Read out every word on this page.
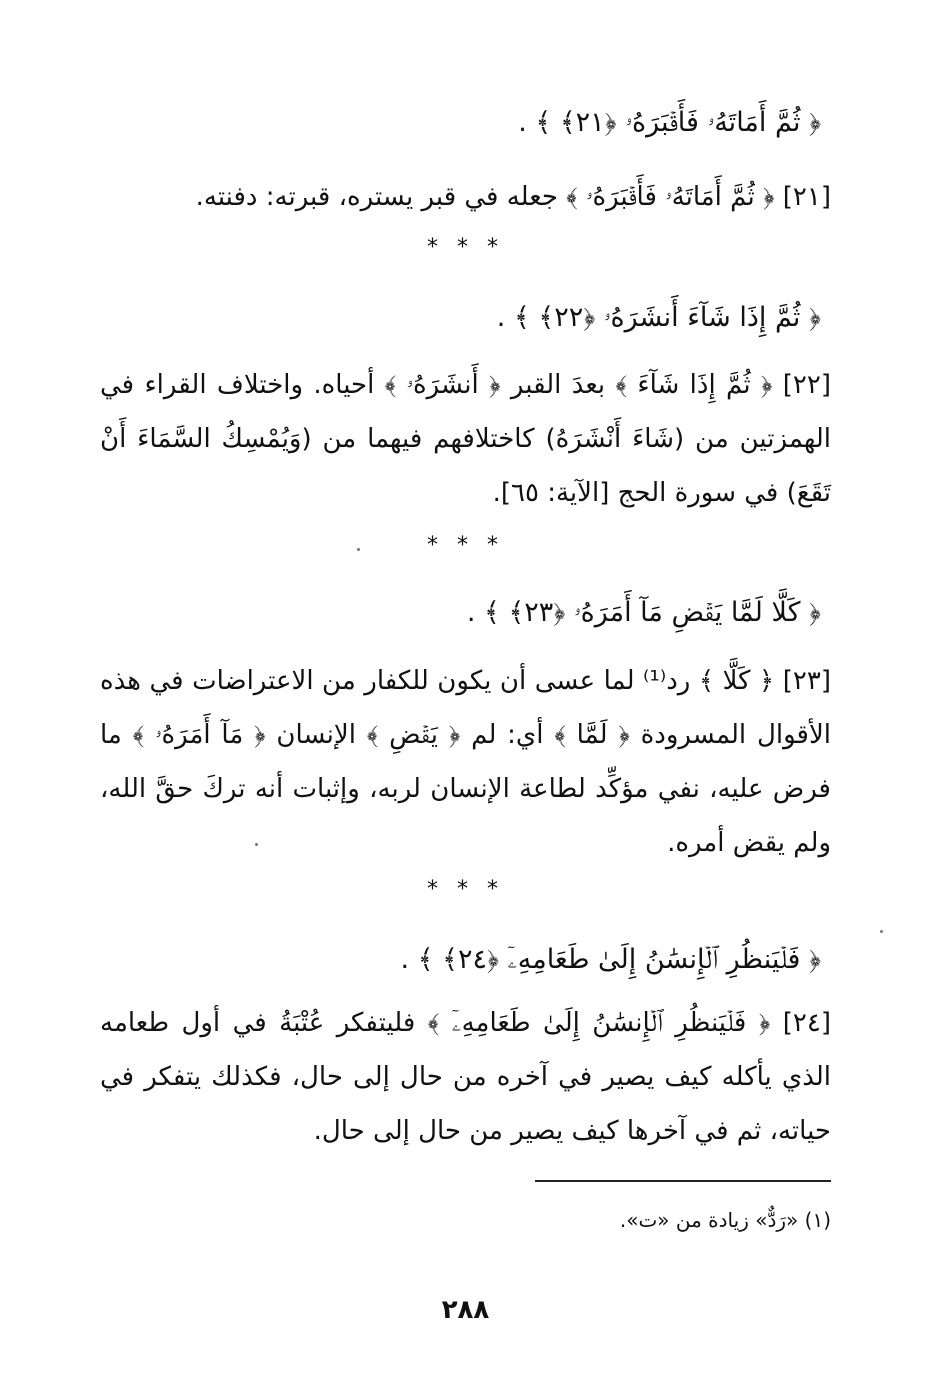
﴿ ثُمَّ أَمَاتَهُۥ فَأَقۡبَرَهُۥ ﴿٢١﴾ ﴾ .
[٢١] ﴿ ثُمَّ أَمَاتَهُۥ فَأَقۡبَرَهُۥ ﴾ جعله في قبر يستره، قبرته: دفنته.
* * *
﴿ ثُمَّ إِذَا شَآءَ أَنشَرَهُۥ ﴿٢٢﴾ ﴾ .
[٢٢] ﴿ ثُمَّ إِذَا شَآءَ ﴾ بعدَ القبر ﴿ أَنشَرَهُۥ ﴾ أحياه. واختلاف القراء في الهمزتين من (شَاءَ أَنْشَرَهُ) كاختلافهم فيهما من (وَيُمْسِكُ السَّمَاءَ أَنْ تَقَعَ) في سورة الحج [الآية: ٦٥].
* * *
﴿ كَلَّا لَمَّا يَقۡضِ مَآ أَمَرَهُۥ ﴿٢٣﴾ ﴾ .
[٢٣] ﴿ كَلَّا ﴾ رد⁽¹⁾ لما عسى أن يكون للكفار من الاعتراضات في هذه الأقوال المسرودة ﴿ لَمَّا ﴾ أي: لم ﴿ يَقۡضِ ﴾ الإنسان ﴿ مَآ أَمَرَهُۥ ﴾ ما فرض عليه، نفي مؤكِّد لطاعة الإنسان لربه، وإثبات أنه تركَ حقَّ الله، ولم يقض أمره.
* * *
﴿ فَلۡيَنظُرِ ٱلۡإِنسَٰنُ إِلَىٰ طَعَامِهِۦٓ ﴿٢٤﴾ ﴾ .
[٢٤] ﴿ فَلۡيَنظُرِ ٱلۡإِنسَٰنُ إِلَىٰ طَعَامِهِۦٓ ﴾ فليتفكر عُتْبَةُ في أول طعامه الذي يأكله كيف يصير في آخره من حال إلى حال، فكذلك يتفكر في حياته، ثم في آخرها كيف يصير من حال إلى حال.
(١) «رَدٌّ» زيادة من «ت».
٢٨٨
